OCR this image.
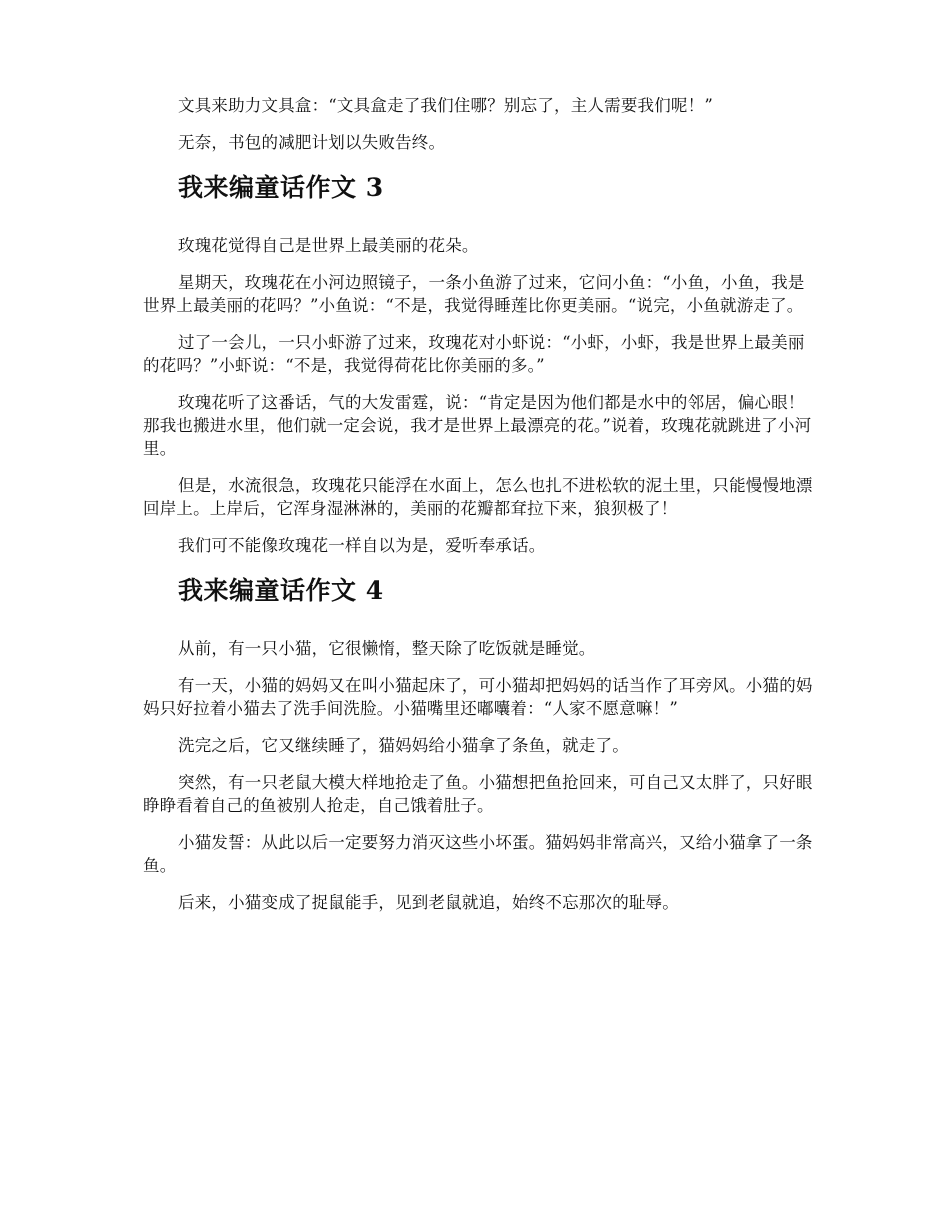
文具来助力文具盒：“文具盒走了我们住哪？别忘了，主人需要我们呢！”

无奈，书包的减肥计划以失败告终。

我来编童话作文 3

玫瑰花觉得自己是世界上最美丽的花朵。

星期天，玫瑰花在小河边照镜子，一条小鱼游了过来，它问小鱼：“小鱼，小鱼，我是世界上最美丽的花吗？”小鱼说：“不是，我觉得睡莲比你更美丽。“说完，小鱼就游走了。

过了一会儿，一只小虾游了过来，玫瑰花对小虾说：“小虾，小虾，我是世界上最美丽的花吗？”小虾说：“不是，我觉得荷花比你美丽的多。”

玫瑰花听了这番话，气的大发雷霆，说：“肯定是因为他们都是水中的邻居，偏心眼！那我也搬进水里，他们就一定会说，我才是世界上最漂亮的花。”说着，玫瑰花就跳进了小河里。

但是，水流很急，玫瑰花只能浮在水面上，怎么也扎不进松软的泥土里，只能慢慢地漂回岸上。上岸后，它浑身湿淋淋的，美丽的花瓣都耷拉下来，狼狈极了！

我们可不能像玫瑰花一样自以为是，爱听奉承话。

我来编童话作文 4

从前，有一只小猫，它很懒惰，整天除了吃饭就是睡觉。

有一天，小猫的妈妈又在叫小猫起床了，可小猫却把妈妈的话当作了耳旁风。小猫的妈妈只好拉着小猫去了洗手间洗脸。小猫嘴里还嘟囔着：“人家不愿意嘛！”

洗完之后，它又继续睡了，猫妈妈给小猫拿了条鱼，就走了。

突然，有一只老鼠大模大样地抢走了鱼。小猫想把鱼抢回来，可自己又太胖了，只好眼睁睁看着自己的鱼被别人抢走，自己饿着肚子。

小猫发誓：从此以后一定要努力消灭这些小坏蛋。猫妈妈非常高兴，又给小猫拿了一条鱼。

后来，小猫变成了捉鼠能手，见到老鼠就追，始终不忘那次的耻辱。
